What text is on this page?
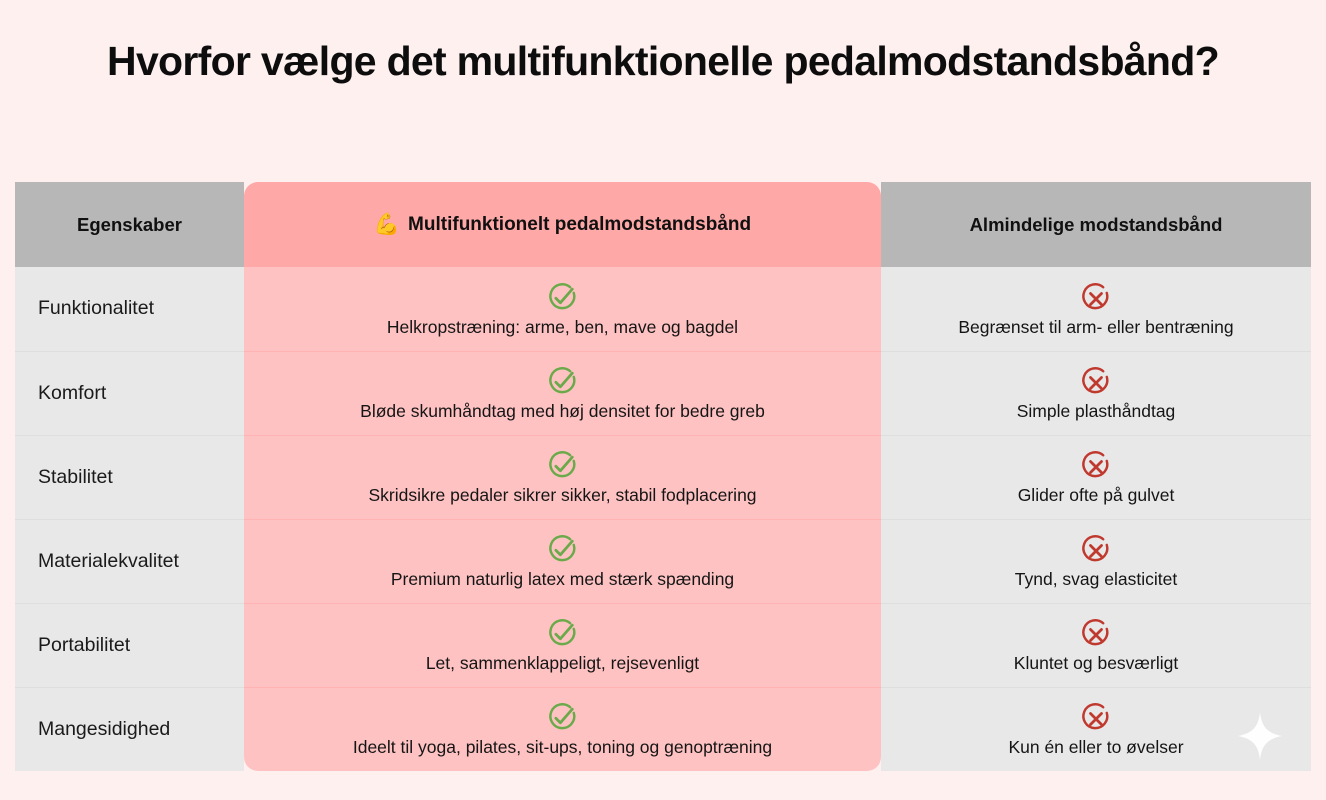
Hvorfor vælge det multifunktionelle pedalmodstandsbånd?
Egenskaber	💪 Multifunktionelt pedalmodstandsbånd	Almindelige modstandsbånd
Funktionalitet	Helkropstræning: arme, ben, mave og bagdel	Begrænset til arm- eller bentræning

Komfort	Bløde skumhåndtag med høj densitet for bedre greb	Simple plasthåndtag

Stabilitet	Skridsikre pedaler sikrer sikker, stabil fodplacering	Glider ofte på gulvet

Materialekvalitet	Premium naturlig latex med stærk spænding	Tynd, svag elasticitet

Portabilitet	Let, sammenklappeligt, rejsevenligt	Kluntet og besværligt

Mangesidighed	Ideelt til yoga, pilates, sit-ups, toning og genoptræning	Kun én eller to øvelser
